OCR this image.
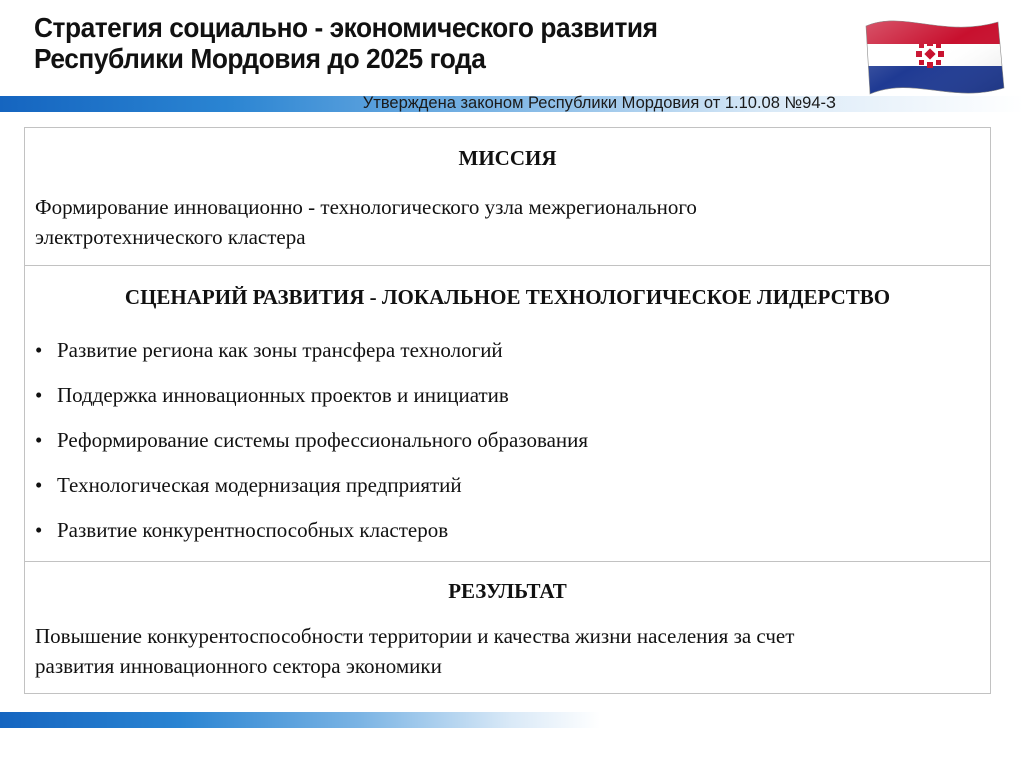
Стратегия социально - экономического развития
Республики Мордовия до 2025 года
Утверждена законом Республики Мордовия от 1.10.08 №94-З
МИССИЯ
Формирование инновационно - технологического узла межрегионального
электротехнического кластера
СЦЕНАРИЙ РАЗВИТИЯ - ЛОКАЛЬНОЕ ТЕХНОЛОГИЧЕСКОЕ ЛИДЕРСТВО
• Развитие региона как зоны трансфера технологий
• Поддержка инновационных проектов и инициатив
• Реформирование системы профессионального образования
• Технологическая модернизация предприятий
• Развитие конкурентноспособных кластеров
РЕЗУЛЬТАТ
Повышение конкурентоспособности территории и качества жизни населения за счет
развития инновационного сектора экономики
